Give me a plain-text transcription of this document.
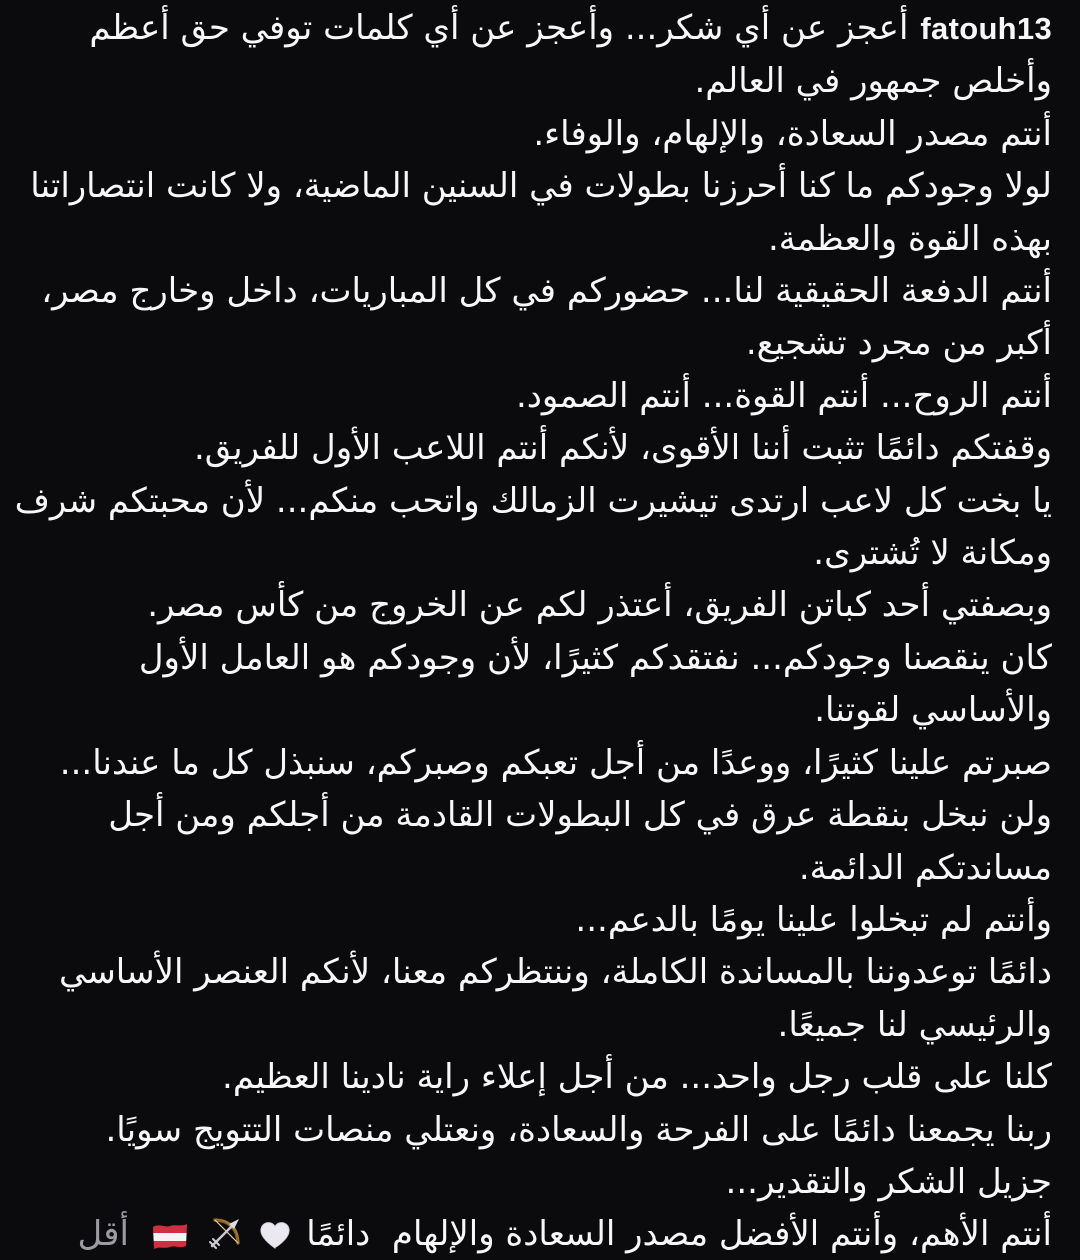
fatouh13أعجز عن أي شكر... وأعجز عن أي كلمات توفي حق أعظم
وأخلص جمهور في العالم.
أنتم مصدر السعادة، والإلهام، والوفاء.
لولا وجودكم ما كنا أحرزنا بطولات في السنين الماضية، ولا كانت انتصاراتنا
بهذه القوة والعظمة.
أنتم الدفعة الحقيقية لنا... حضوركم في كل المباريات، داخل وخارج مصر،
أكبر من مجرد تشجيع.
أنتم الروح... أنتم القوة... أنتم الصمود.
وقفتكم دائمًا تثبت أننا الأقوى، لأنكم أنتم اللاعب الأول للفريق.
يا بخت كل لاعب ارتدى تيشيرت الزمالك واتحب منكم... لأن محبتكم شرف
ومكانة لا تُشترى.
وبصفتي أحد كباتن الفريق، أعتذر لكم عن الخروج من كأس مصر.
كان ينقصنا وجودكم... نفتقدكم كثيرًا، لأن وجودكم هو العامل الأول
والأساسي لقوتنا.
صبرتم علينا كثيرًا، ووعدًا من أجل تعبكم وصبركم، سنبذل كل ما عندنا...
ولن نبخل بنقطة عرق في كل البطولات القادمة من أجلكم ومن أجل
مساندتكم الدائمة.
وأنتم لم تبخلوا علينا يومًا بالدعم...
دائمًا توعدوننا بالمساندة الكاملة، وننتظركم معنا، لأنكم العنصر الأساسي
والرئيسي لنا جميعًا.
كلنا على قلب رجل واحد... من أجل إعلاء راية نادينا العظيم.
ربنا يجمعنا دائمًا على الفرحة والسعادة، ونعتلي منصات التتويج سويًا.
جزيل الشكر والتقدير...
أنتم الأهم، وأنتم الأفضل مصدر السعادة والإلهام  دائمًا    أقل
